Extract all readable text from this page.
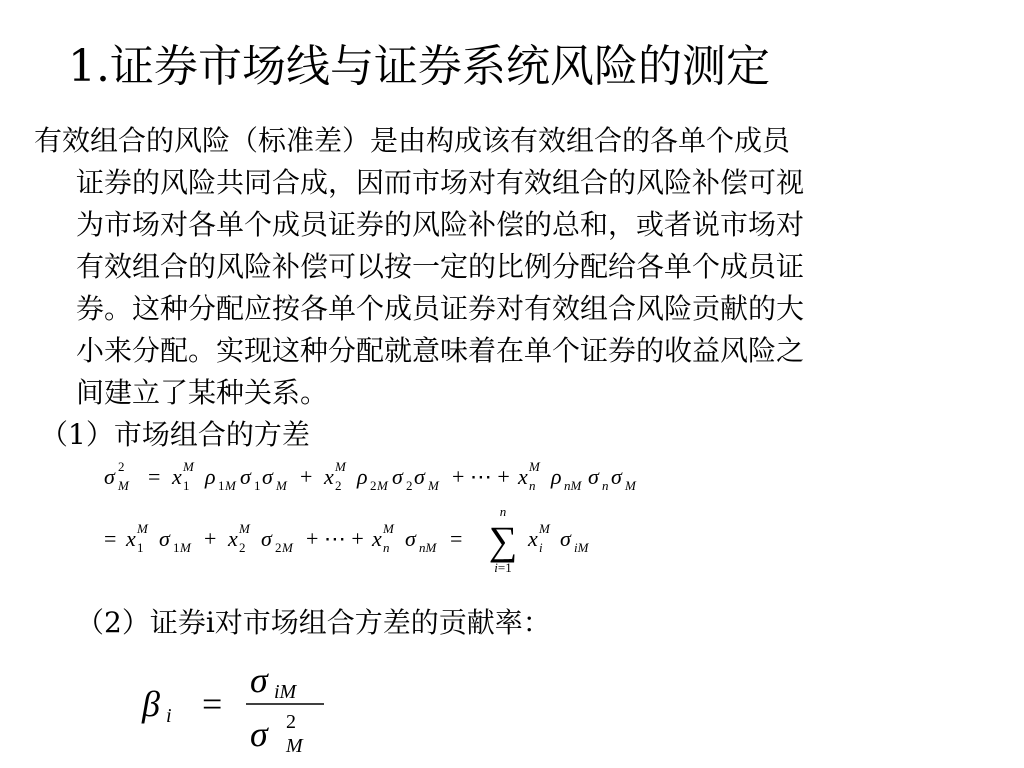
1.证券市场线与证券系统风险的测定
有效组合的风险（标准差）是由构成该有效组合的各单个成员
证券的风险共同合成，因而市场对有效组合的风险补偿可视
为市场对各单个成员证券的风险补偿的总和，或者说市场对
有效组合的风险补偿可以按一定的比例分配给各单个成员证
券。这种分配应按各单个成员证券对有效组合风险贡献的大
小来分配。实现这种分配就意味着在单个证券的收益风险之
间建立了某种关系。

（1）市场组合的方差

σ 2
M = x M
1 ρ 1 M σ 1 σ M + x M
2 ρ 2 M σ 2 σ M + ⋯ + x M
n ρ nM σ n σ M
= x M
1 σ 1 M + x M
2 σ 2 M + ⋯ + x M
n σ nM =
n
∑
i=1
x M
i σ iM

（2）证券i对市场组合方差的贡献率：

β i =
σ iM
σ 2
M
